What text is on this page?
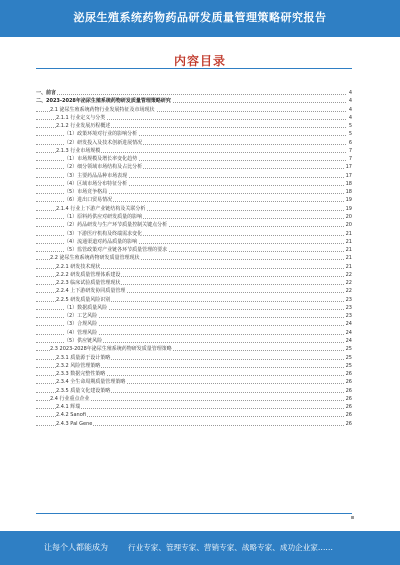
泌尿生殖系统药物药品研发质量管理策略研究报告
内容目录
一、前言	4
二、2023-2028年泌尿生殖系统药物研发质量管理策略研究	4
2.1 泌尿生殖系统药物行业发展特征及市场现状	4
2.1.1 行业定义与分类	4
2.1.2 行业发展历程概述	5
（1）政策环境对行业的影响分析	5
（2）研发投入及技术创新进展情况	6
2.1.3 行业市场规模	7
（1）市场规模及增长率变化趋势	7
（2）细分领域市场结构及占比分析	17
（3）主要药品品种市场表现	17
（4）区域市场分布特征分析	18
（5）市场竞争格局	18
（6）进出口贸易情况	19
2.1.4 行业上下游产业链结构及关联分析	19
（1）原料药供应对研发质量的影响	20
（2）药品研发与生产环节质量控制关键点分析	20
（3）下游医疗机构及终端需求变化	21
（4）流通渠道对药品质量的影响	21
（5）监管政策对产业链各环节质量管理的要求	21
2.2 泌尿生殖系统药物研发质量管理现状	21
2.2.1 研发技术现状	21
2.2.2 研发质量管理体系建设	22
2.2.3 临床试验质量管理现状	22
2.2.4 上下游研发协同质量管理	22
2.2.5 研发质量风险识别	23
（1）数据质量风险	23
（2）工艺风险	23
（3）合规风险	24
（4）管理风险	24
（5）供应链风险	24
2.3 2023-2028年泌尿生殖系统药物研发质量管理策略	25
2.3.1 质量源于设计策略	25
2.3.2 风险管理策略	25
2.3.3 数据完整性策略	26
2.3.4 全生命周期质量管理策略	26
2.3.5 质量文化建设策略	26
2.4 行业重点企业	26
2.4.1 辉瑞	26
2.4.2 Sanofi	26
2.4.3 Pal Gene	26
让每个人都能成为	行业专家、管理专家、营销专家、战略专家、成功企业家……
